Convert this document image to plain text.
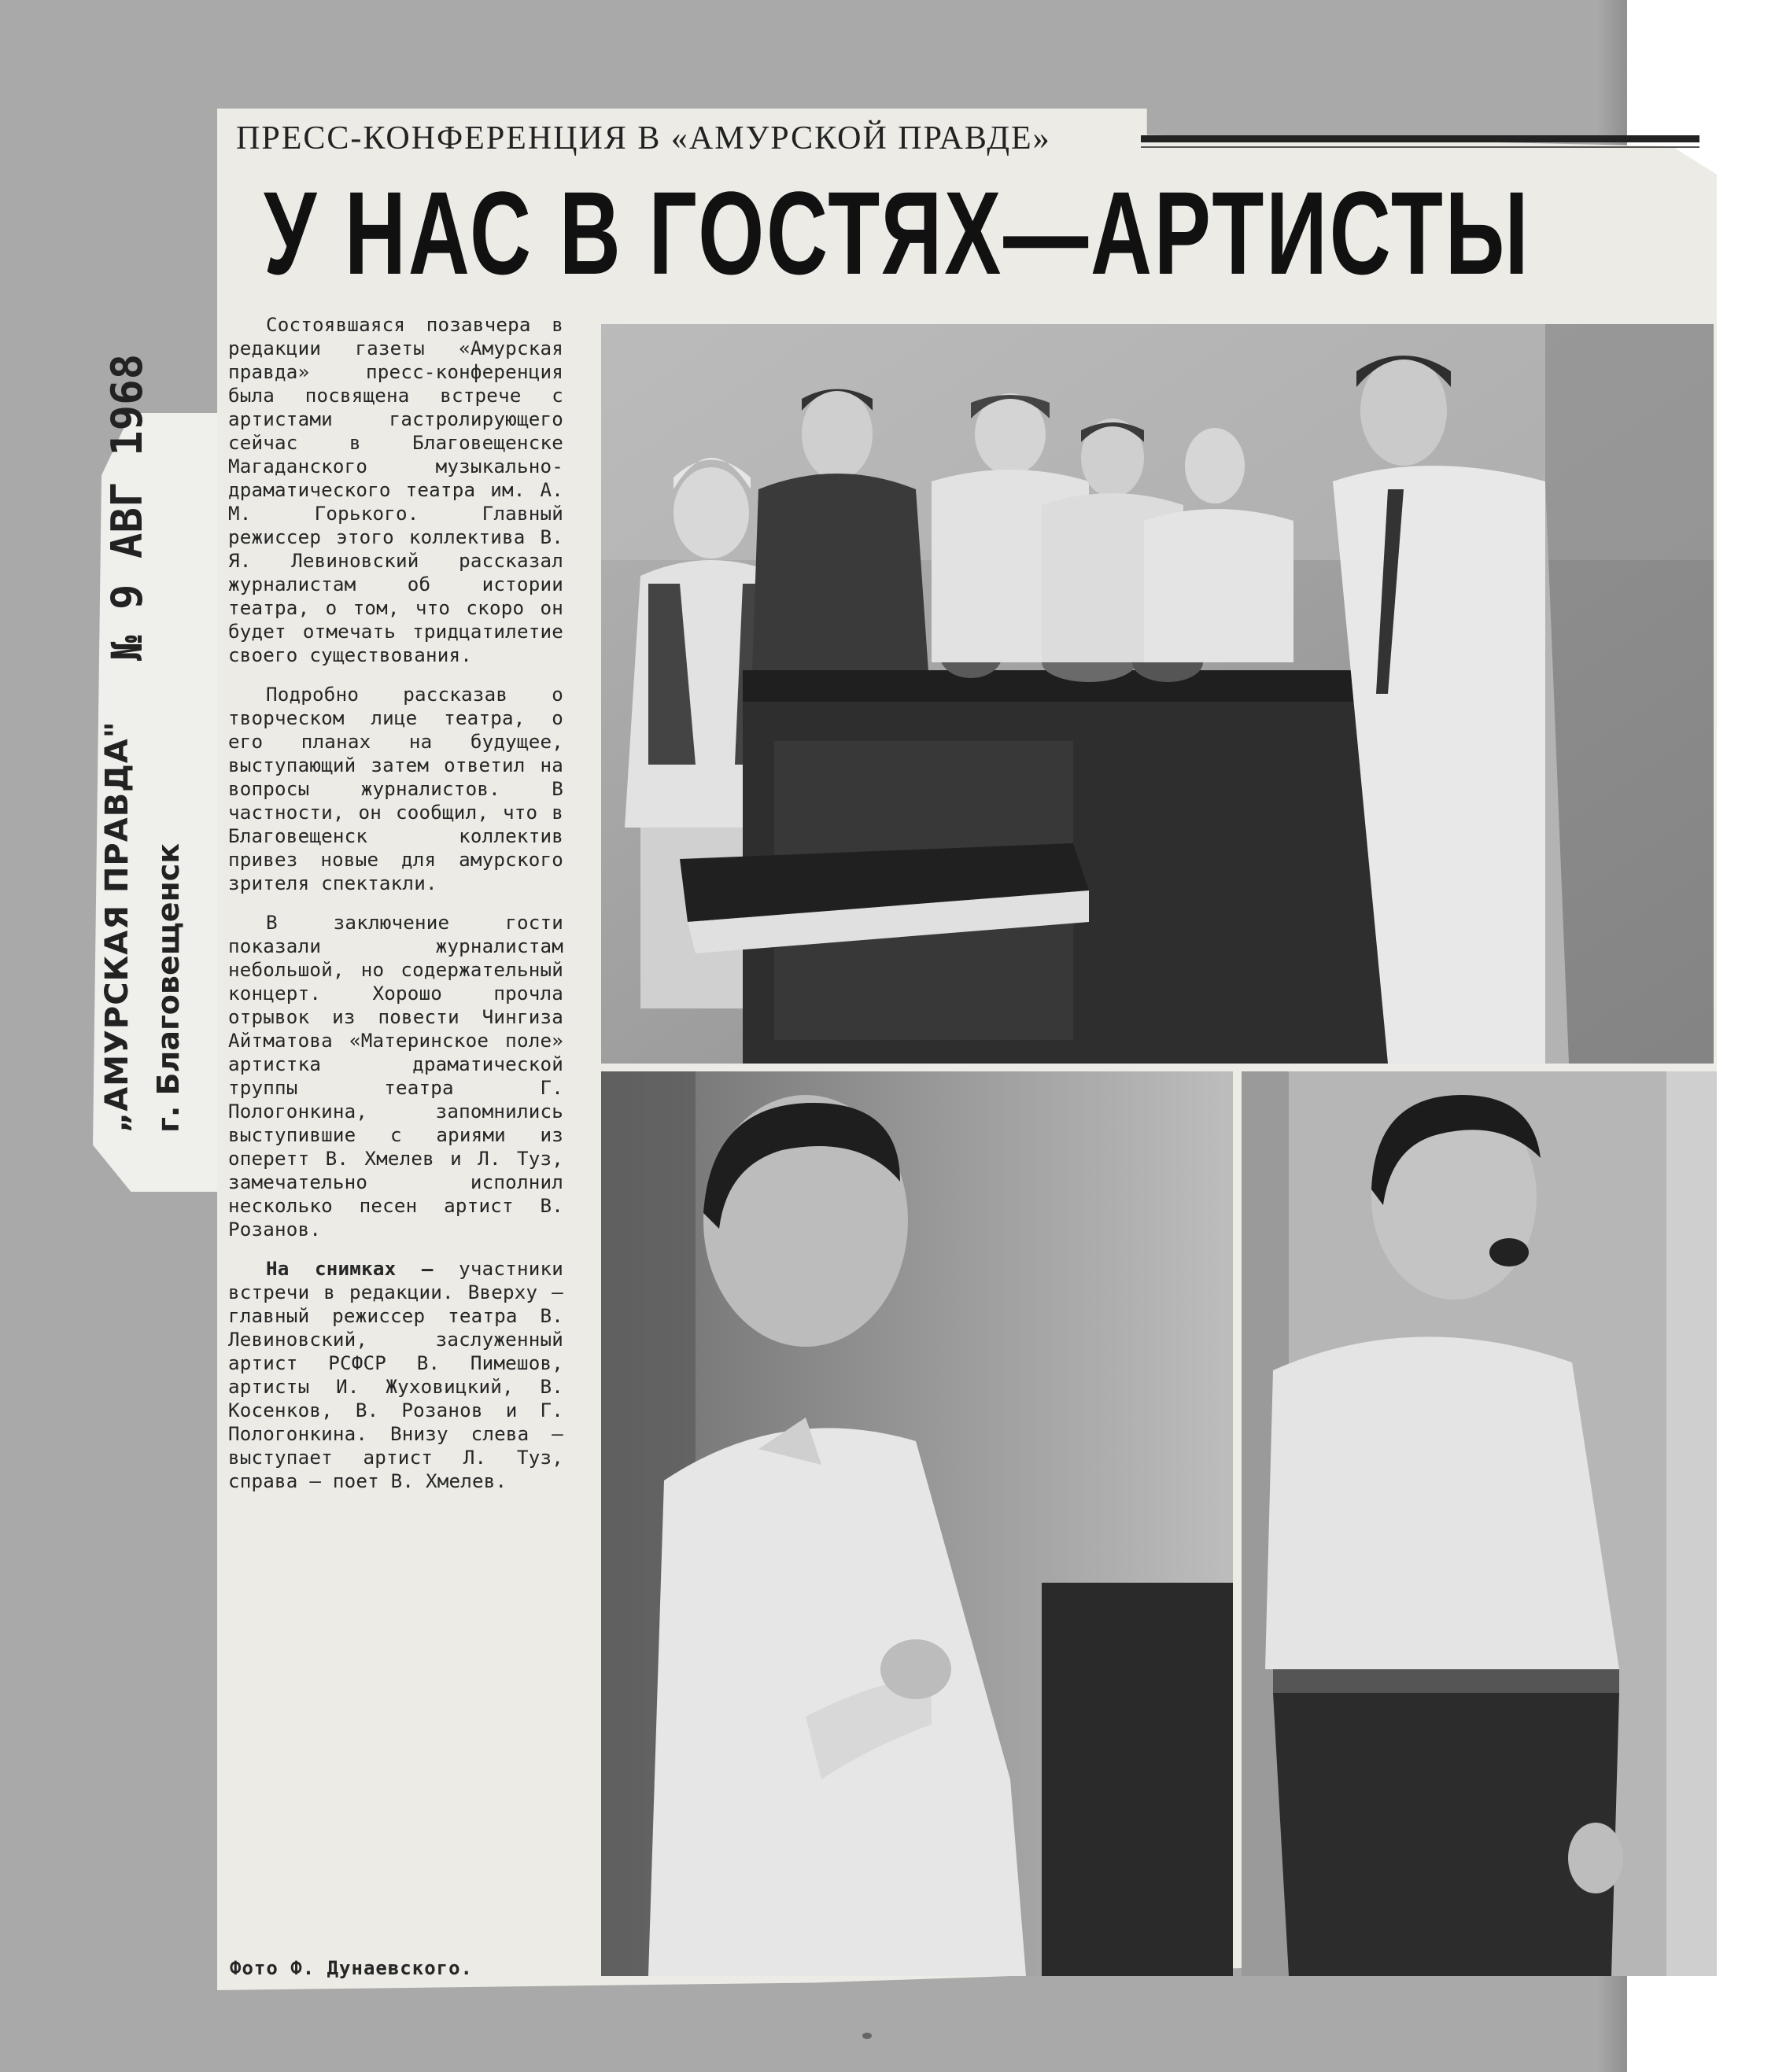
„АМУРСКАЯ ПРАВДА"
№ 9 АВГ 1968
г. Благовещенск
ПРЕСС-КОНФЕРЕНЦИЯ В «АМУРСКОЙ ПРАВДЕ»
У НАС В ГОСТЯХ—АРТИСТЫ

Состоявшаяся позавчера в редакции газеты «Амурская правда» пресс-конференция была посвящена встрече с артистами гастролирующего сейчас в Благовещенске Магаданского музыкально-драматического театра им. А. М. Горького. Главный режиссер этого коллектива В. Я. Левиновский рассказал журналистам об истории театра, о том, что скоро он будет отмечать тридцатилетие своего существования.

Подробно рассказав о творческом лице театра, о его планах на будущее, выступающий затем ответил на вопросы журналистов. В частности, он сообщил, что в Благовещенск коллектив привез новые для амурского зрителя спектакли.

В заключение гости показали журналистам небольшой, но содержательный концерт. Хорошо прочла отрывок из повести Чингиза Айтматова «Материнское поле» артистка драматической труппы театра Г. Пологонкина, запомнились выступившие с ариями из оперетт В. Хмелев и Л. Туз, замечательно исполнил несколько песен артист В. Розанов.

На снимках — участники встречи в редакции. Вверху — главный режиссер театра В. Левиновский, заслуженный артист РСФСР В. Пимешов, артисты И. Жуховицкий, В. Косенков, В. Розанов и Г. Пологонкина. Внизу слева — выступает артист Л. Туз, справа — поет В. Хмелев.

Фото Ф. Дунаевского.
